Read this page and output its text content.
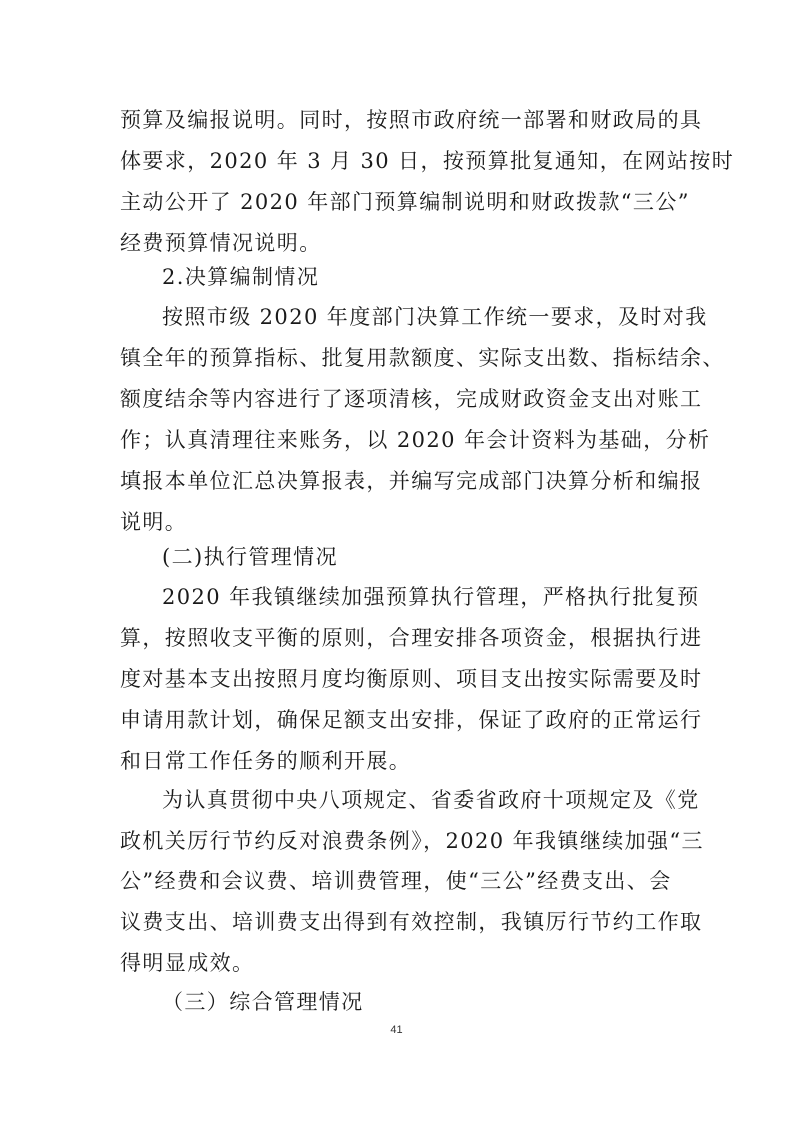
预算及编报说明。同时，按照市政府统一部署和财政局的具
体要求，2020 年 3 月 30 日，按预算批复通知，在网站按时
主动公开了 2020 年部门预算编制说明和财政拨款“三公”
经费预算情况说明。
2.决算编制情况
按照市级 2020 年度部门决算工作统一要求，及时对我
镇全年的预算指标、批复用款额度、实际支出数、指标结余、
额度结余等内容进行了逐项清核，完成财政资金支出对账工
作；认真清理往来账务，以 2020 年会计资料为基础，分析
填报本单位汇总决算报表，并编写完成部门决算分析和编报
说明。
(二)执行管理情况
2020 年我镇继续加强预算执行管理，严格执行批复预
算，按照收支平衡的原则，合理安排各项资金，根据执行进
度对基本支出按照月度均衡原则、项目支出按实际需要及时
申请用款计划，确保足额支出安排，保证了政府的正常运行
和日常工作任务的顺利开展。
为认真贯彻中央八项规定、省委省政府十项规定及《党
政机关厉行节约反对浪费条例》，2020 年我镇继续加强“三
公”经费和会议费、培训费管理，使“三公”经费支出、会
议费支出、培训费支出得到有效控制，我镇厉行节约工作取
得明显成效。
（三）综合管理情况
41
